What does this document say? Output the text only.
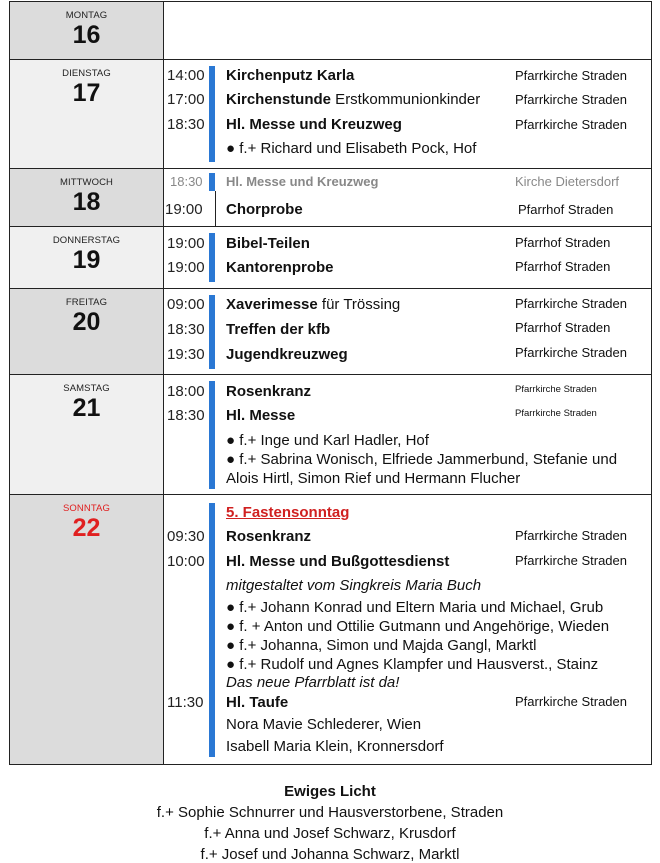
MONTAG
16
DIENSTAG
17
14:00 Kirchenputz Karla	Pfarrkirche Straden
17:00 Kirchenstunde Erstkommunionkinder	Pfarrkirche Straden
18:30 Hl. Messe und Kreuzweg	Pfarrkirche Straden
● f.+ Richard und Elisabeth Pock, Hof
MITTWOCH
18
18:30 Hl. Messe und Kreuzweg	Kirche Dietersdorf
19:00 Chorprobe	Pfarrhof Straden
DONNERSTAG
19
19:00 Bibel-Teilen	Pfarrhof Straden
19:00 Kantorenprobe	Pfarrhof Straden
FREITAG
20
09:00 Xaverimesse für Trössing	Pfarrkirche Straden
18:30 Treffen der kfb	Pfarrhof Straden
19:30 Jugendkreuzweg	Pfarrkirche Straden
SAMSTAG
21
18:00 Rosenkranz	Pfarrkirche Straden
18:30 Hl. Messe	Pfarrkirche Straden
● f.+ Inge und Karl Hadler, Hof
● f.+ Sabrina Wonisch, Elfriede Jammerbund, Stefanie und
Alois Hirtl, Simon Rief und Hermann Flucher
SONNTAG
22
5. Fastensonntag
09:30 Rosenkranz	Pfarrkirche Straden
10:00 Hl. Messe und Bußgottesdienst	Pfarrkirche Straden
mitgestaltet vom Singkreis Maria Buch
● f.+ Johann Konrad und Eltern Maria und Michael, Grub
● f. + Anton und Ottilie Gutmann und Angehörige, Wieden
● f.+ Johanna, Simon und Majda Gangl, Marktl
● f.+ Rudolf und Agnes Klampfer und Hausverst., Stainz
Das neue Pfarrblatt ist da!
11:30 Hl. Taufe	Pfarrkirche Straden
Nora Mavie Schlederer, Wien
Isabell Maria Klein, Kronnersdorf
Ewiges Licht
f.+ Sophie Schnurrer und Hausverstorbene, Straden
f.+ Anna und Josef Schwarz, Krusdorf
f.+ Josef und Johanna Schwarz, Marktl
